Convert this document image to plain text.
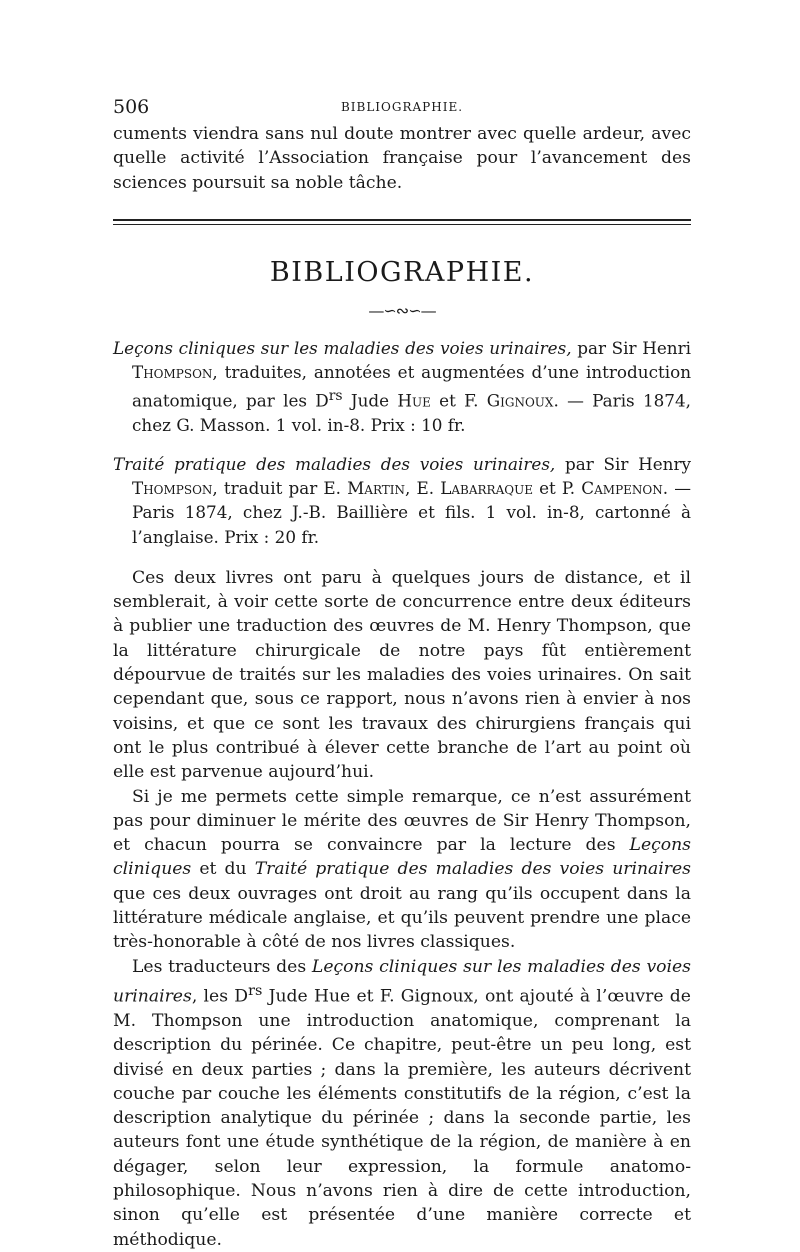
506	BIBLIOGRAPHIE.

cuments viendra sans nul doute montrer avec quelle ardeur, avec quelle activité l’Association française pour l’avancement des sciences poursuit sa noble tâche.

BIBLIOGRAPHIE.
—∽∾∽—
Leçons cliniques sur les maladies des voies urinaires, par Sir Henri Thompson, traduites, annotées et augmentées d’une introduction anatomique, par les $D^{rs}$ Jude Hue et F. Gignoux. — Paris 1874, chez G. Masson. 1 vol. in-8. Prix : 10 fr.
Traité pratique des maladies des voies urinaires, par Sir Henry Thompson, traduit par E. Martin, E. Labarraque et P. Campenon. — Paris 1874, chez J.-B. Baillière et fils. 1 vol. in-8, cartonné à l’anglaise. Prix : 20 fr.

Ces deux livres ont paru à quelques jours de distance, et il semblerait, à voir cette sorte de concurrence entre deux éditeurs à publier une traduction des œuvres de M. Henry Thompson, que la littérature chirurgicale de notre pays fût entièrement dépourvue de traités sur les maladies des voies urinaires. On sait cependant que, sous ce rapport, nous n’avons rien à envier à nos voisins, et que ce sont les travaux des chirurgiens français qui ont le plus contribué à élever cette branche de l’art au point où elle est parvenue aujourd’hui.

Si je me permets cette simple remarque, ce n’est assurément pas pour diminuer le mérite des œuvres de Sir Henry Thompson, et chacun pourra se convaincre par la lecture des Leçons cliniques et du Traité pratique des maladies des voies urinaires que ces deux ouvrages ont droit au rang qu’ils occupent dans la littérature médicale anglaise, et qu’ils peuvent prendre une place très-honorable à côté de nos livres classiques.

Les traducteurs des Leçons cliniques sur les maladies des voies urinaires, les $D^{rs}$ Jude Hue et F. Gignoux, ont ajouté à l’œuvre de M. Thompson une introduction anatomique, comprenant la description du périnée. Ce chapitre, peut-être un peu long, est divisé en deux parties ; dans la première, les auteurs décrivent couche par couche les éléments constitutifs de la région, c’est la description analytique du périnée ; dans la seconde partie, les auteurs font une étude synthétique de la région, de manière à en dégager, selon leur expression, la formule anatomo-philosophique. Nous n’avons rien à dire de cette introduction, sinon qu’elle est présentée d’une manière correcte et méthodique.
